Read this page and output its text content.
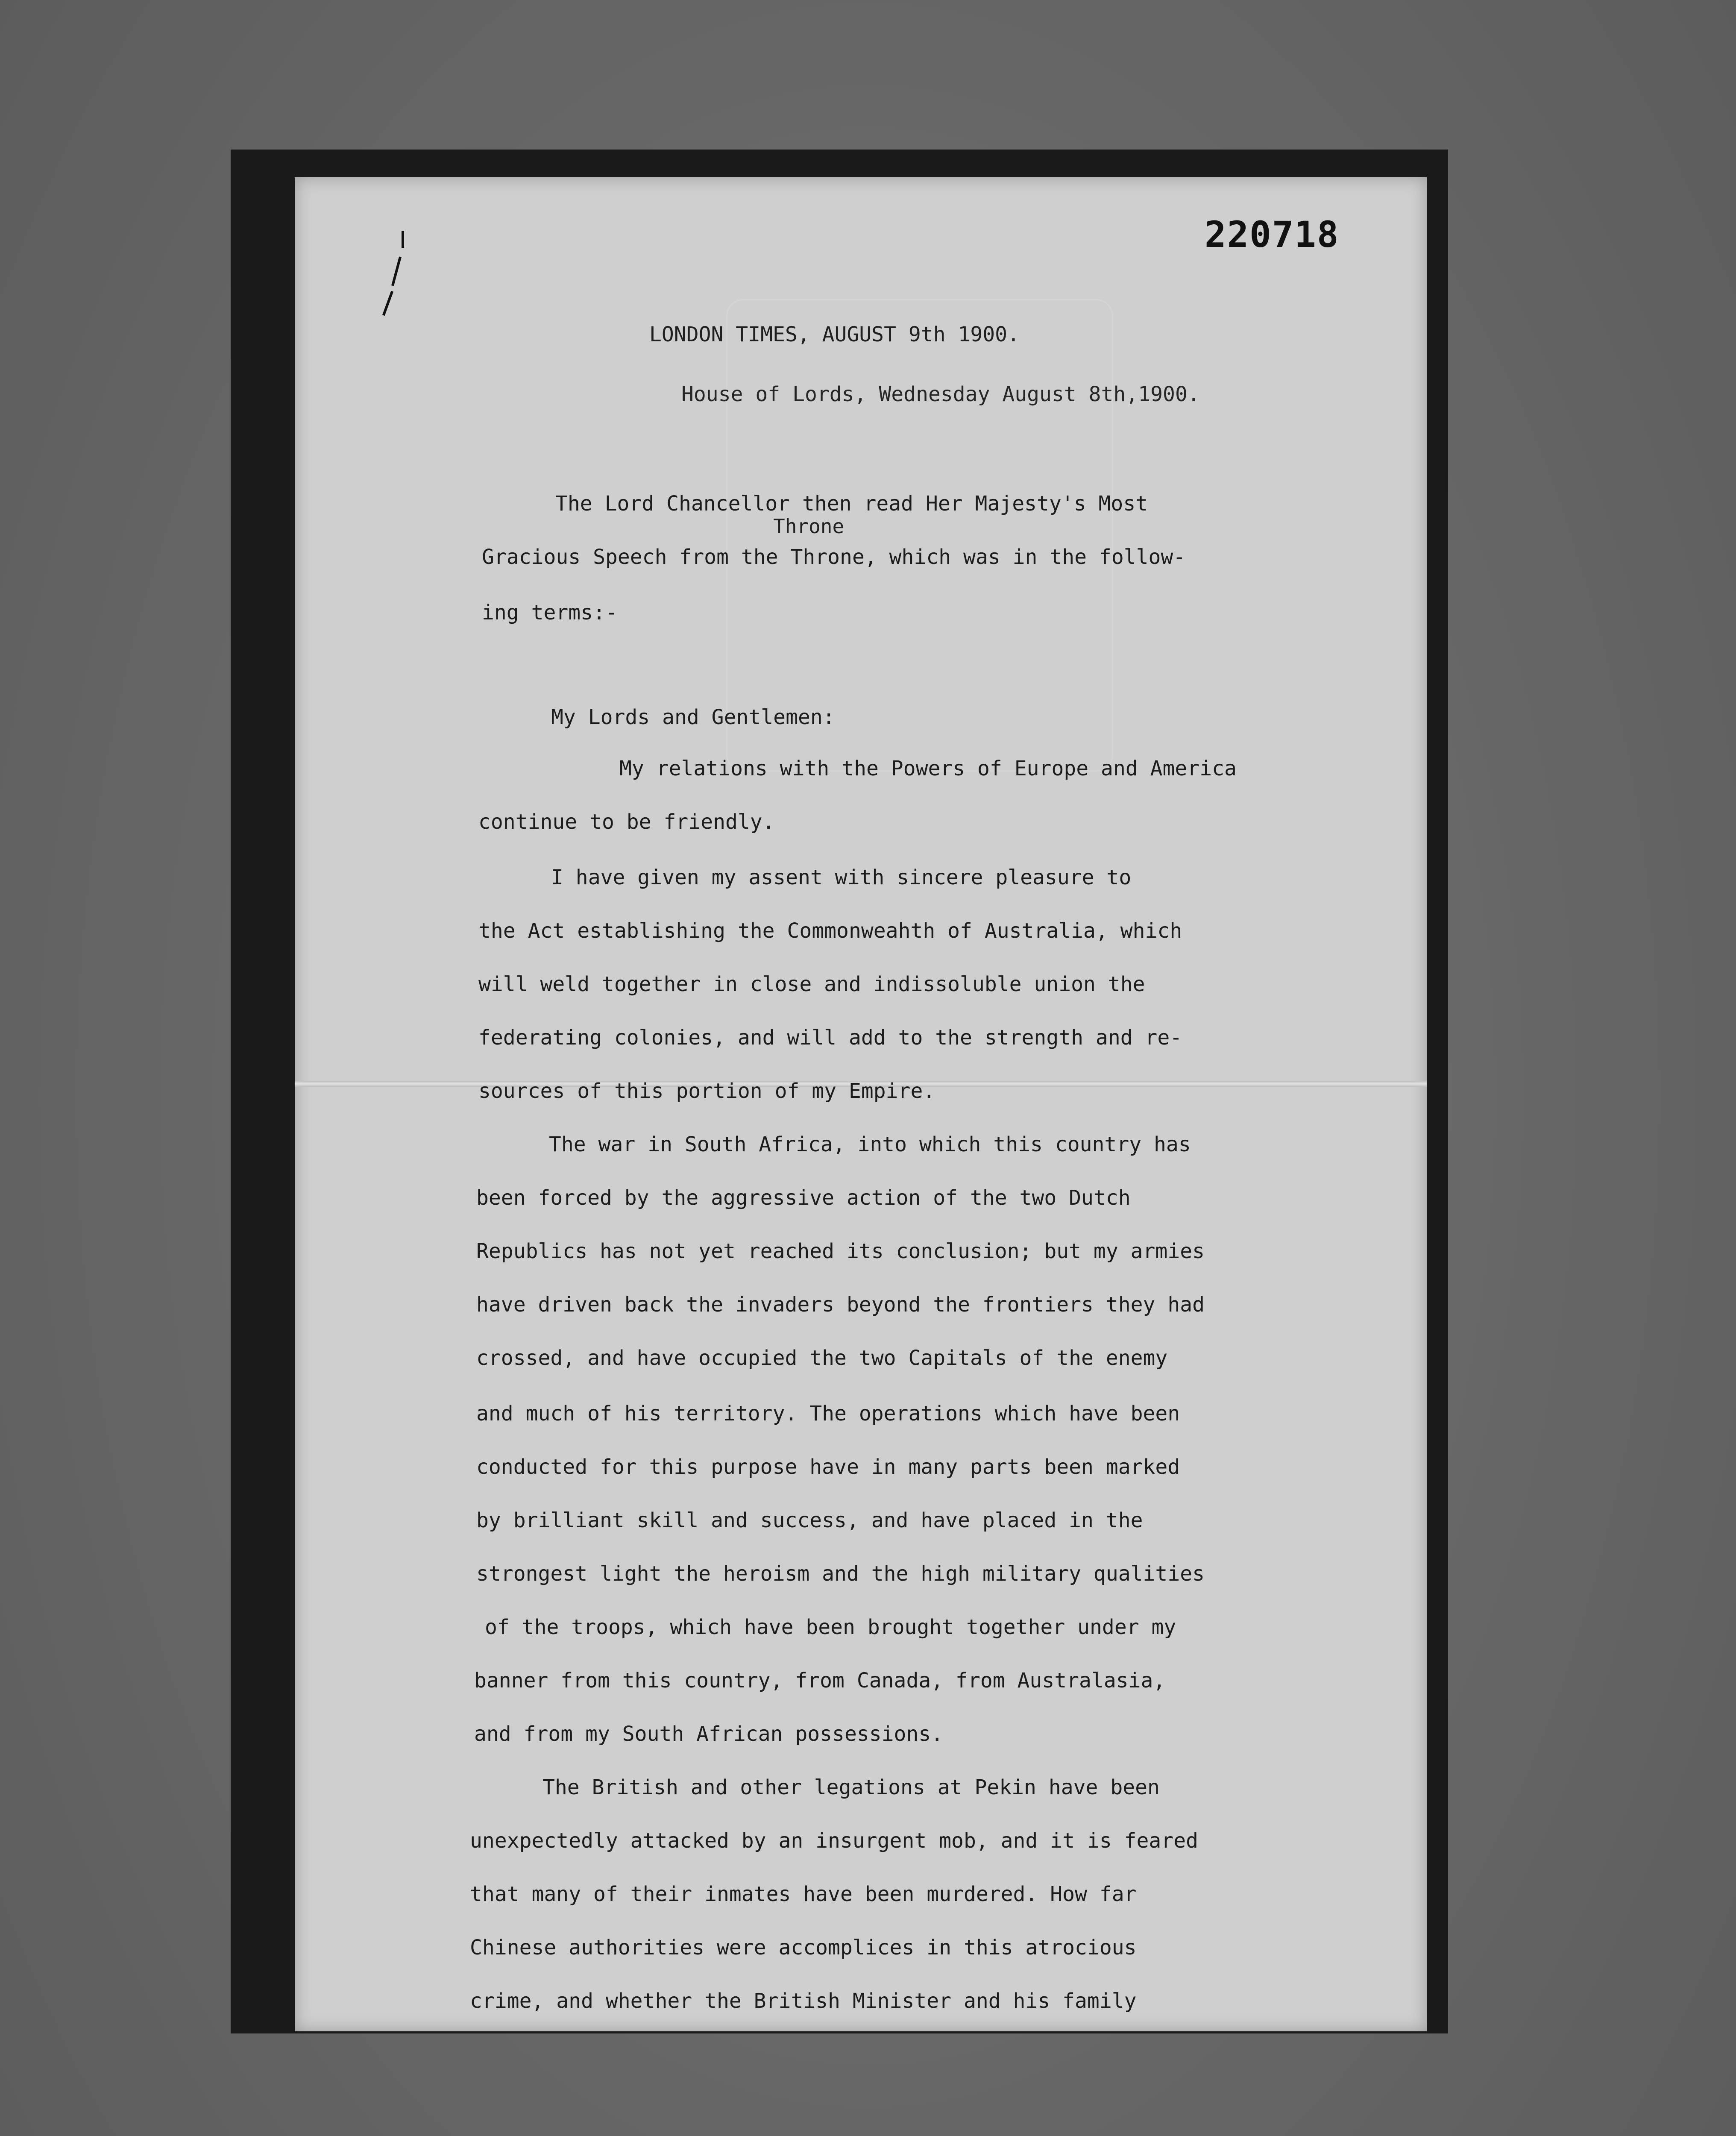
220718
LONDON TIMES, AUGUST 9th 1900.
House of Lords, Wednesday August 8th,1900.
Throne
The Lord Chancellor then read Her Majesty's Most
Gracious Speech from the Throne, which was in the follow-
ing terms:-
My Lords and Gentlemen:
My relations with the Powers of Europe and America
continue to be friendly.
I have given my assent with sincere pleasure to
the Act establishing the Commonweahth of Australia, which
will weld together in close and indissoluble union the
federating colonies, and will add to the strength and re-
sources of this portion of my Empire.
The war in South Africa, into which this country has
been forced by the aggressive action of the two Dutch
Republics has not yet reached its conclusion; but my armies
have driven back the invaders beyond the frontiers they had
crossed, and have occupied the two Capitals of the enemy
and much of his territory. The operations which have been
conducted for this purpose have in many parts been marked
by brilliant skill and success, and have placed in the
strongest light the heroism and the high military qualities
of the troops, which have been brought together under my
banner from this country, from Canada, from Australasia,
and from my South African possessions.
The British and other legations at Pekin have been
unexpectedly attacked by an insurgent mob, and it is feared
that many of their inmates have been murdered. How far
Chinese authorities were accomplices in this atrocious
crime, and whether the British Minister and his family
